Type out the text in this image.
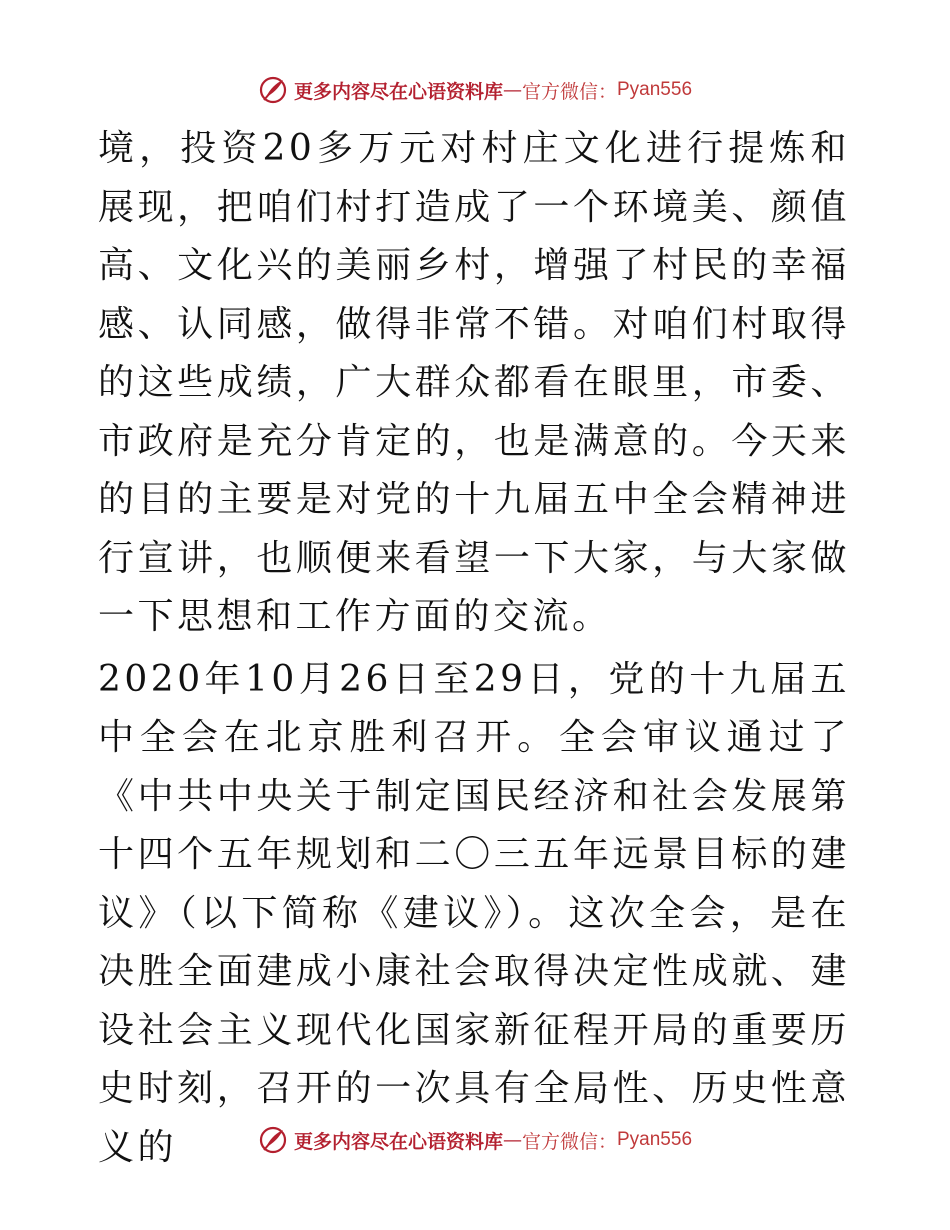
更多内容尽在心语资料库 — 官方微信： Pyan556

境，投资20多万元对村庄文化进行提炼和展现，把咱们村打造成了一个环境美、颜值高、文化兴的美丽乡村，增强了村民的幸福感、认同感，做得非常不错。对咱们村取得的这些成绩，广大群众都看在眼里，市委、市政府是充分肯定的，也是满意的。今天来的目的主要是对党的十九届五中全会精神进行宣讲，也顺便来看望一下大家，与大家做一下思想和工作方面的交流。

2020年10月26日至29日，党的十九届五中全会在北京胜利召开。全会审议通过了《中共中央关于制定国民经济和社会发展第十四个五年规划和二〇三五年远景目标的建议》（以下简称《建议》）。这次全会，是在决胜全面建成小康社会取得决定性成就、建设社会主义现代化国家新征程开局的重要历史时刻，召开的一次具有全局性、历史性意义的	更多内容尽在心语资料库 — 官方微信： Pyan556
